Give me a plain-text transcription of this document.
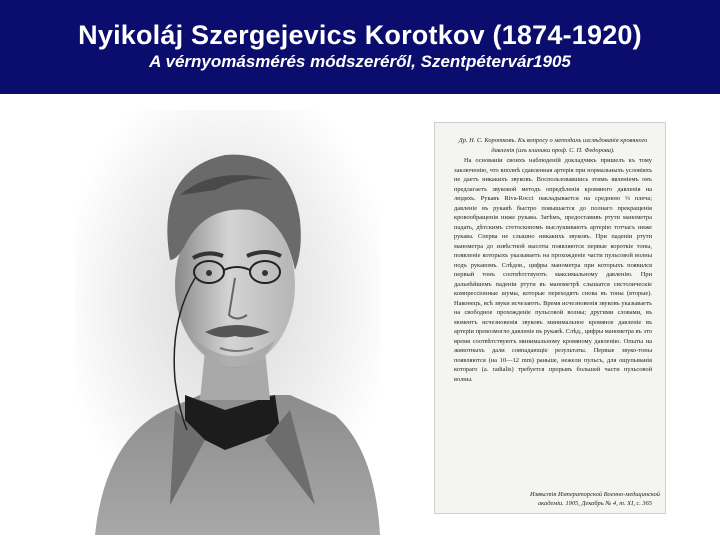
Nyikoláj Szergejevics Korotkov (1874-1920)
A vérnyomásmérés módszeréről, Szentpétervár1905
Др. Н. С. Коротковъ. Къ вопросу о методахъ изслѣдованія кровяного давленія (изъ клиники проф. С. П. Федорова).

На основаніи своихъ наблюденій докладчикъ пришелъ къ тому заключенію, что вполнѣ сдавленная артерія при нормальныхъ условіяхъ не даетъ никакихъ звуковъ. Воспользовавшись этимъ явленіемъ онъ предлагаетъ звуковой методъ опредѣленія кровяного давленія на людяхъ. Рукавъ Riva-Rocci накладывается на среднюю ⅓ плеча; давленіе въ рукавѣ быстро повышается до полнаго прекращенія кровообращенія ниже рукава. Затѣмъ, предоставивъ ртути манометра падать, дѣтскимъ стетоскопомъ выслушиваютъ артерію тотчасъ ниже рукава. Сперва не слышно никакихъ звуковъ. При паденіи ртути манометра до извѣстной высоты появляются первые короткіе тоны, появленіе которыхъ указываетъ на прохожденіе части пульсовой волны подъ рукавомъ. Слѣдов., цифры манометра при которыхъ появился первый тонъ соотвѣтствуютъ максимальному давленію. При дальнѣйшемъ паденіи ртути въ манометрѣ слышатся систолическіе компрессіонные шумы, которые переходятъ снова въ тоны (вторые). Наконецъ, всѣ звуки исчезаютъ. Время исчезновенія звуковъ указываетъ на свободное прохожденіе пульсовой волны; другими словами, въ моментъ исчезновенія звуковъ минимальное кровяное давленіе въ артеріи превозмогло давленіе въ рукавѣ. Слѣд., цифры манометра въ это время соотвѣтствуютъ минимальному кровяному давленію. Опыты на животныхъ дали совпадающіе результаты. Первые звуко-тоны появляются (на 10—12 mm) раньше, нежели пульсъ, для ощупыванія котораго (a. radialis) требуется прорывъ большей части пульсовой волны.

Извѣстія Императорской Военно-медицинской академіи. 1905, Декабрь № 4, т. XI, с. 365
